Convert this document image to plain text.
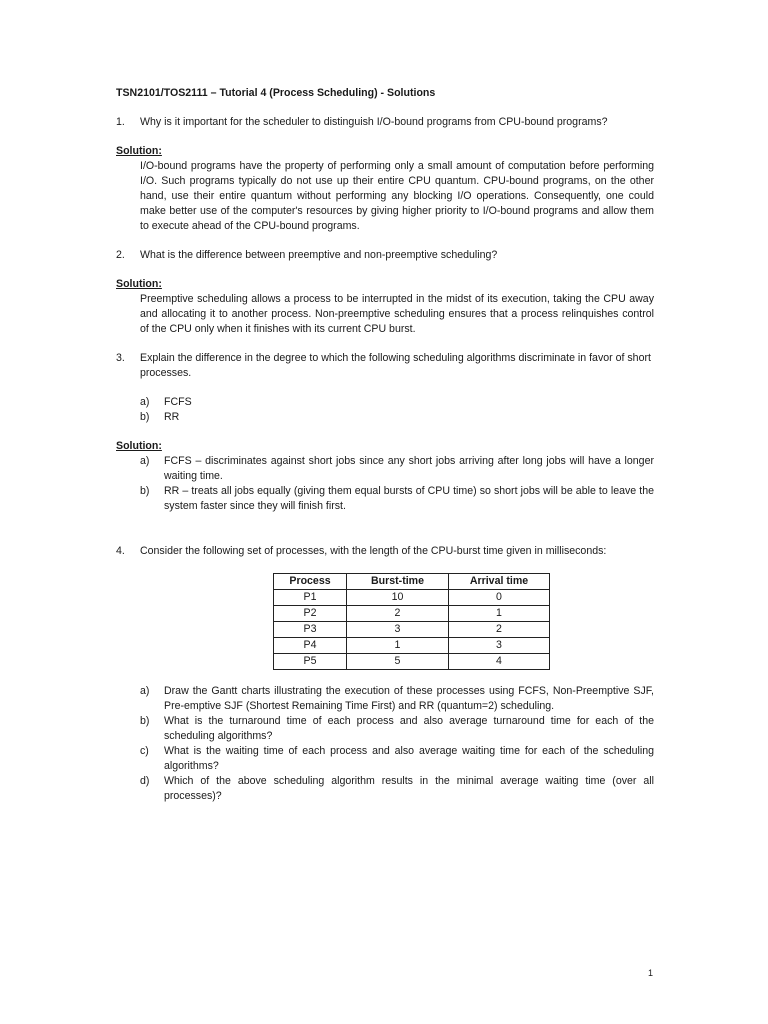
TSN2101/TOS2111 – Tutorial 4 (Process Scheduling) - Solutions
1.	Why is it important for the scheduler to distinguish I/O-bound programs from CPU-bound programs?
Solution:
I/O-bound programs have the property of performing only a small amount of computation before performing I/O. Such programs typically do not use up their entire CPU quantum. CPU-bound programs, on the other hand, use their entire quantum without performing any blocking I/O operations. Consequently, one could make better use of the computer's resources by giving higher priority to I/O-bound programs and allow them to execute ahead of the CPU-bound programs.
2.	What is the difference between preemptive and non-preemptive scheduling?
Solution:
Preemptive scheduling allows a process to be interrupted in the midst of its execution, taking the CPU away and allocating it to another process. Non-preemptive scheduling ensures that a process relinquishes control of the CPU only when it finishes with its current CPU burst.
3.	Explain the difference in the degree to which the following scheduling algorithms discriminate in favor of short processes.
a)	FCFS
b)	RR
Solution:
a)	FCFS – discriminates against short jobs since any short jobs arriving after long jobs will have a longer waiting time.
b)	RR – treats all jobs equally (giving them equal bursts of CPU time) so short jobs will be able to leave the system faster since they will finish first.
4.	Consider the following set of processes, with the length of the CPU-burst time given in milliseconds:
Process	Burst-time	Arrival time
P1	10	0
P2	2	1
P3	3	2
P4	1	3
P5	5	4
a)	Draw the Gantt charts illustrating the execution of these processes using FCFS, Non-Preemptive SJF, Pre-emptive SJF (Shortest Remaining Time First) and RR (quantum=2) scheduling.
b)	What is the turnaround time of each process and also average turnaround time for each of the scheduling algorithms?
c)	What is the waiting time of each process and also average waiting time for each of the scheduling algorithms?
d)	Which of the above scheduling algorithm results in the minimal average waiting time (over all processes)?
1
